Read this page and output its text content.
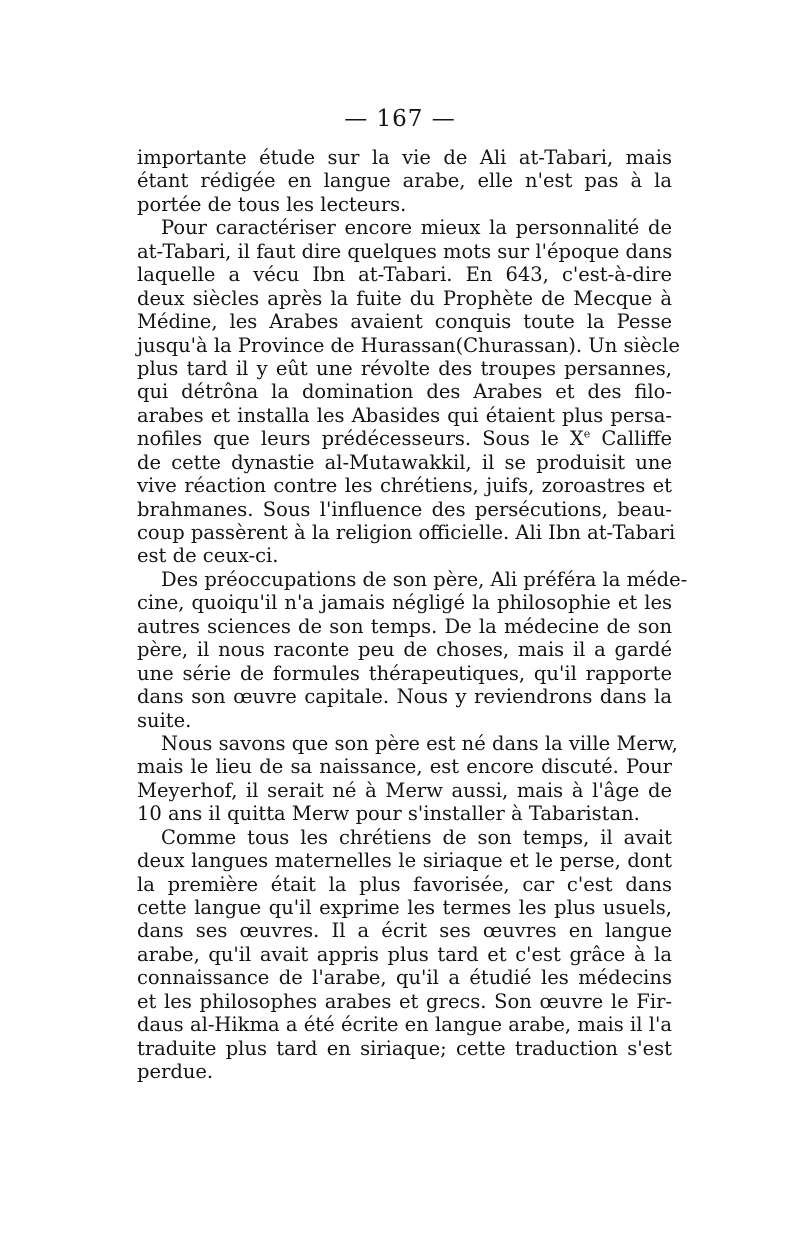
— 167 —
importante étude sur la vie de Ali at-Tabari, mais
étant rédigée en langue arabe, elle n'est pas à la
portée de tous les lecteurs.
Pour caractériser encore mieux la personnalité de
at-Tabari, il faut dire quelques mots sur l'époque dans
laquelle a vécu Ibn at-Tabari. En 643, c'est-à-dire
deux siècles après la fuite du Prophète de Mecque à
Médine, les Arabes avaient conquis toute la Pesse
jusqu'à la Province de Hurassan(Churassan). Un siècle
plus tard il y eût une révolte des troupes persannes,
qui détrôna la domination des Arabes et des filo-
arabes et installa les Abasides qui étaient plus persa-
nofiles que leurs prédécesseurs. Sous le Xe Calliffe
de cette dynastie al-Mutawakkil, il se produisit une
vive réaction contre les chrétiens, juifs, zoroastres et
brahmanes. Sous l'influence des persécutions, beau-
coup passèrent à la religion officielle. Ali Ibn at-Tabari
est de ceux-ci.
Des préoccupations de son père, Ali préféra la méde-
cine, quoiqu'il n'a jamais négligé la philosophie et les
autres sciences de son temps. De la médecine de son
père, il nous raconte peu de choses, mais il a gardé
une série de formules thérapeutiques, qu'il rapporte
dans son œuvre capitale. Nous y reviendrons dans la
suite.
Nous savons que son père est né dans la ville Merw,
mais le lieu de sa naissance, est encore discuté. Pour
Meyerhof, il serait né à Merw aussi, mais à l'âge de
10 ans il quitta Merw pour s'installer à Tabaristan.
Comme tous les chrétiens de son temps, il avait
deux langues maternelles le siriaque et le perse, dont
la première était la plus favorisée, car c'est dans
cette langue qu'il exprime les termes les plus usuels,
dans ses œuvres. Il a écrit ses œuvres en langue
arabe, qu'il avait appris plus tard et c'est grâce à la
connaissance de l'arabe, qu'il a étudié les médecins
et les philosophes arabes et grecs. Son œuvre le Fir-
daus al-Hikma a été écrite en langue arabe, mais il l'a
traduite plus tard en siriaque; cette traduction s'est
perdue.
